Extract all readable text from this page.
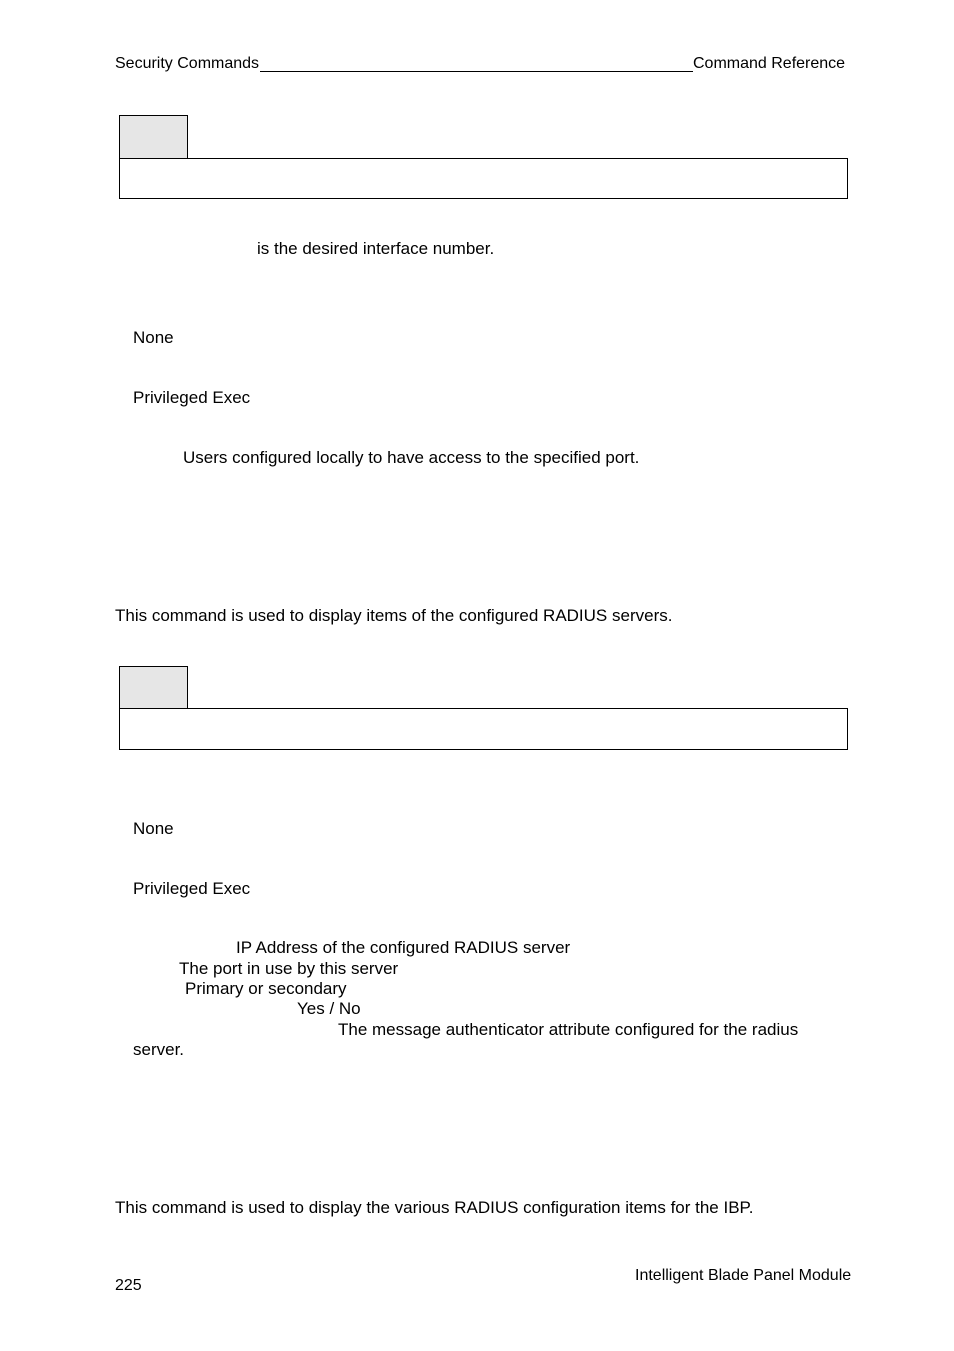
Security Commands	Command Reference
is the desired interface number.
None
Privileged Exec
Users configured locally to have access to the specified port.
This command is used to display items of the configured RADIUS servers.
None
Privileged Exec
IP Address of the configured RADIUS server
The port in use by this server
Primary or secondary
Yes / No
The message authenticator attribute configured for the radius
server.
This command is used to display the various RADIUS configuration items for the IBP.
225
Intelligent Blade Panel Module
